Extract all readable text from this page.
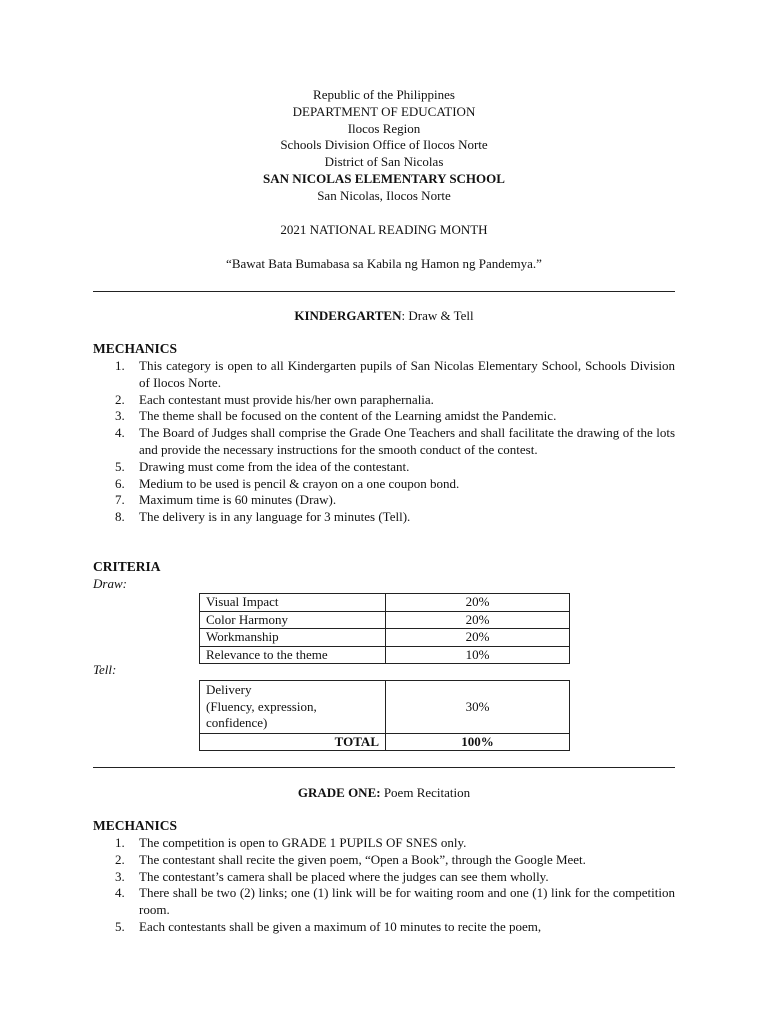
Republic of the Philippines
DEPARTMENT OF EDUCATION
Ilocos Region
Schools Division Office of Ilocos Norte
District of San Nicolas
SAN NICOLAS ELEMENTARY SCHOOL
San Nicolas, Ilocos Norte
2021 NATIONAL READING MONTH
“Bawat Bata Bumabasa sa Kabila ng Hamon ng Pandemya.”
KINDERGARTEN: Draw & Tell
MECHANICS
1. This category is open to all Kindergarten pupils of San Nicolas Elementary School, Schools Division of Ilocos Norte.
2. Each contestant must provide his/her own paraphernalia.
3. The theme shall be focused on the content of the Learning amidst the Pandemic.
4. The Board of Judges shall comprise the Grade One Teachers and shall facilitate the drawing of the lots and provide the necessary instructions for the smooth conduct of the contest.
5. Drawing must come from the idea of the contestant.
6. Medium to be used is pencil & crayon on a one coupon bond.
7. Maximum time is 60 minutes (Draw).
8. The delivery is in any language for 3 minutes (Tell).
CRITERIA
Draw:
Visual Impact	20%
Color Harmony	20%
Workmanship	20%
Relevance to the theme	10%
Tell:
Delivery
(Fluency, expression,
confidence)	30%
TOTAL	100%
GRADE ONE: Poem Recitation
MECHANICS
1. The competition is open to GRADE 1 PUPILS OF SNES only.
2. The contestant shall recite the given poem, “Open a Book”, through the Google Meet.
3. The contestant’s camera shall be placed where the judges can see them wholly.
4. There shall be two (2) links; one (1) link will be for waiting room and one (1) link for the competition room.
5. Each contestants shall be given a maximum of 10 minutes to recite the poem,
